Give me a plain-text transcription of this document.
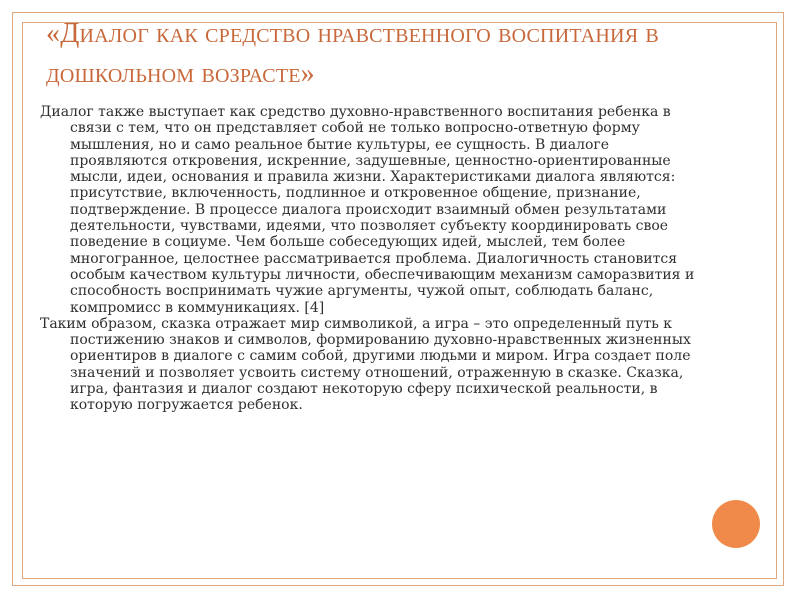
«Диалог как средство нравственного воспитания в дошкольном возрасте»

Диалог также выступает как средство духовно-нравственного воспитания ребенка в связи с тем, что он представляет собой не только вопросно-ответную форму мышления, но и само реальное бытие культуры, ее сущность. В диалоге проявляются откровения, искренние, задушевные, ценностно-ориентированные мысли, идеи, основания и правила жизни. Характеристиками диалога являются: присутствие, включенность, подлинное и откровенное общение, признание, подтверждение. В процессе диалога происходит взаимный обмен результатами деятельности, чувствами, идеями, что позволяет субъекту координировать свое поведение в социуме. Чем больше собеседующих идей, мыслей, тем более многогранное, целостнее рассматривается проблема. Диалогичность становится особым качеством культуры личности, обеспечивающим механизм саморазвития и способность воспринимать чужие аргументы, чужой опыт, соблюдать баланс, компромисс в коммуникациях. [4]

Таким образом, сказка отражает мир символикой, а игра – это определенный путь к постижению знаков и символов, формированию духовно-нравственных жизненных ориентиров в диалоге с самим собой, другими людьми и миром. Игра создает поле значений и позволяет усвоить систему отношений, отраженную в сказке. Сказка, игра, фантазия и диалог создают некоторую сферу психической реальности, в которую погружается ребенок.
